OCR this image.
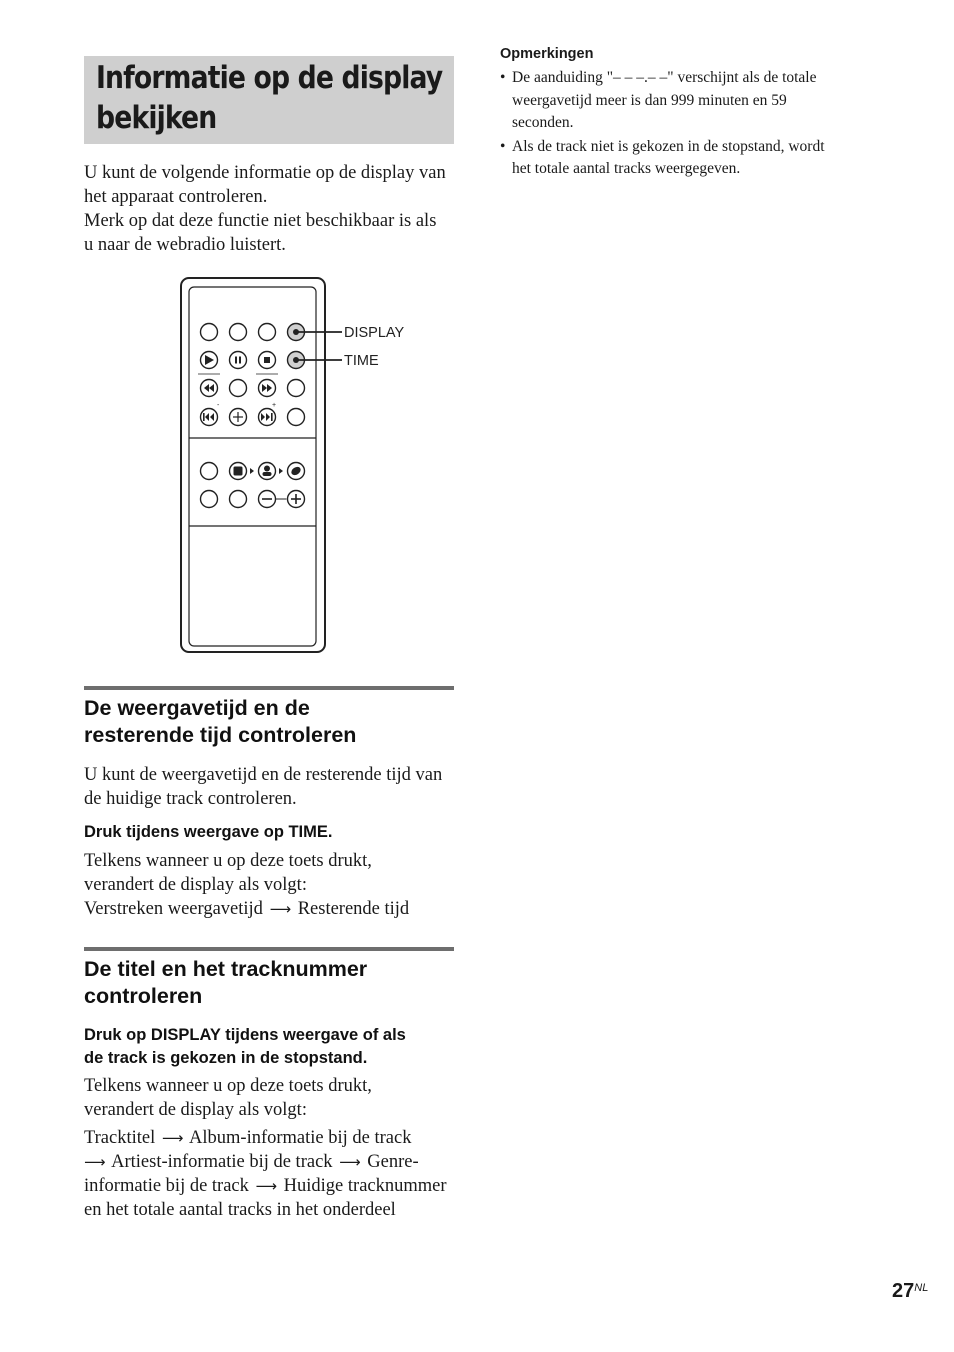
Informatie op de display
bekijken
U kunt de volgende informatie op de display van
het apparaat controleren.
Merk op dat deze functie niet beschikbaar is als
u naar de webradio luistert.
DISPLAY
TIME
-	+
De weergavetijd en de
resterende tijd controleren
U kunt de weergavetijd en de resterende tijd van
de huidige track controleren.
Druk tijdens weergave op TIME.
Telkens wanneer u op deze toets drukt,
verandert de display als volgt:
Verstreken weergavetijd ⟶ Resterende tijd
De titel en het tracknummer
controleren
Druk op DISPLAY tijdens weergave of als
de track is gekozen in de stopstand.
Telkens wanneer u op deze toets drukt,
verandert de display als volgt:
Tracktitel ⟶ Album-informatie bij de track
⟶ Artiest-informatie bij de track ⟶ Genre-
informatie bij de track ⟶ Huidige tracknummer
en het totale aantal tracks in het onderdeel
Opmerkingen
• De aanduiding "– – –.– –" verschijnt als de totale
weergavetijd meer is dan 999 minuten en 59
seconden.
• Als de track niet is gekozen in de stopstand, wordt
het totale aantal tracks weergegeven.
$27^{NL}$
